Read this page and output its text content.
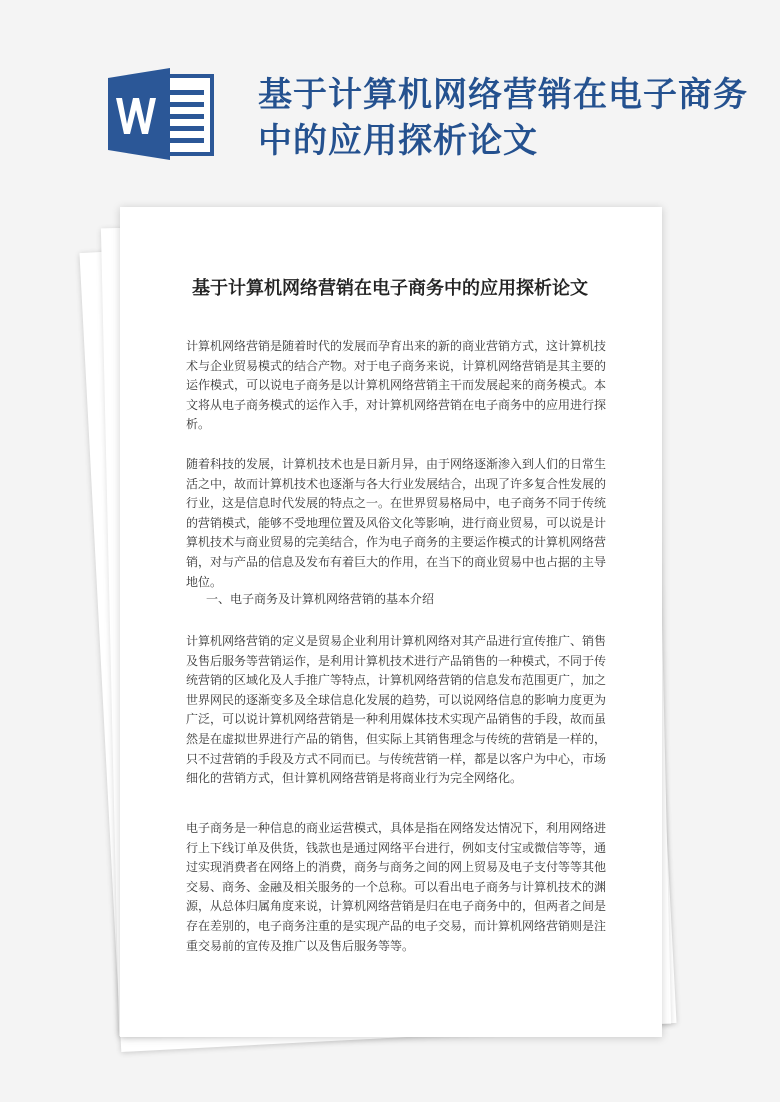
基于计算机网络营销在电子商务中的应用探析论文
基于计算机网络营销在电子商务中的应用探析论文

计算机网络营销是随着时代的发展而孕育出来的新的商业营销方式，这计算机技术与企业贸易模式的结合产物。对于电子商务来说，计算机网络营销是其主要的运作模式，可以说电子商务是以计算机网络营销主干而发展起来的商务模式。本文将从电子商务模式的运作入手，对计算机网络营销在电子商务中的应用进行探析。

随着科技的发展，计算机技术也是日新月异，由于网络逐渐渗入到人们的日常生活之中，故而计算机技术也逐渐与各大行业发展结合，出现了许多复合性发展的行业，这是信息时代发展的特点之一。在世界贸易格局中，电子商务不同于传统的营销模式，能够不受地理位置及风俗文化等影响，进行商业贸易，可以说是计算机技术与商业贸易的完美结合，作为电子商务的主要运作模式的计算机网络营销，对与产品的信息及发布有着巨大的作用，在当下的商业贸易中也占据的主导地位。

一、电子商务及计算机网络营销的基本介绍

计算机网络营销的定义是贸易企业利用计算机网络对其产品进行宣传推广、销售及售后服务等营销运作，是利用计算机技术进行产品销售的一种模式，不同于传统营销的区域化及人手推广等特点，计算机网络营销的信息发布范围更广，加之世界网民的逐渐变多及全球信息化发展的趋势，可以说网络信息的影响力度更为广泛，可以说计算机网络营销是一种利用媒体技术实现产品销售的手段，故而虽然是在虚拟世界进行产品的销售，但实际上其销售理念与传统的营销是一样的，只不过营销的手段及方式不同而已。与传统营销一样，都是以客户为中心，市场细化的营销方式，但计算机网络营销是将商业行为完全网络化。

电子商务是一种信息的商业运营模式，具体是指在网络发达情况下，利用网络进行上下线订单及供货，钱款也是通过网络平台进行，例如支付宝或微信等等，通过实现消费者在网络上的消费，商务与商务之间的网上贸易及电子支付等等其他交易、商务、金融及相关服务的一个总称。可以看出电子商务与计算机技术的渊源，从总体归属角度来说，计算机网络营销是归在电子商务中的，但两者之间是存在差别的，电子商务注重的是实现产品的电子交易，而计算机网络营销则是注重交易前的宣传及推广以及售后服务等等。
